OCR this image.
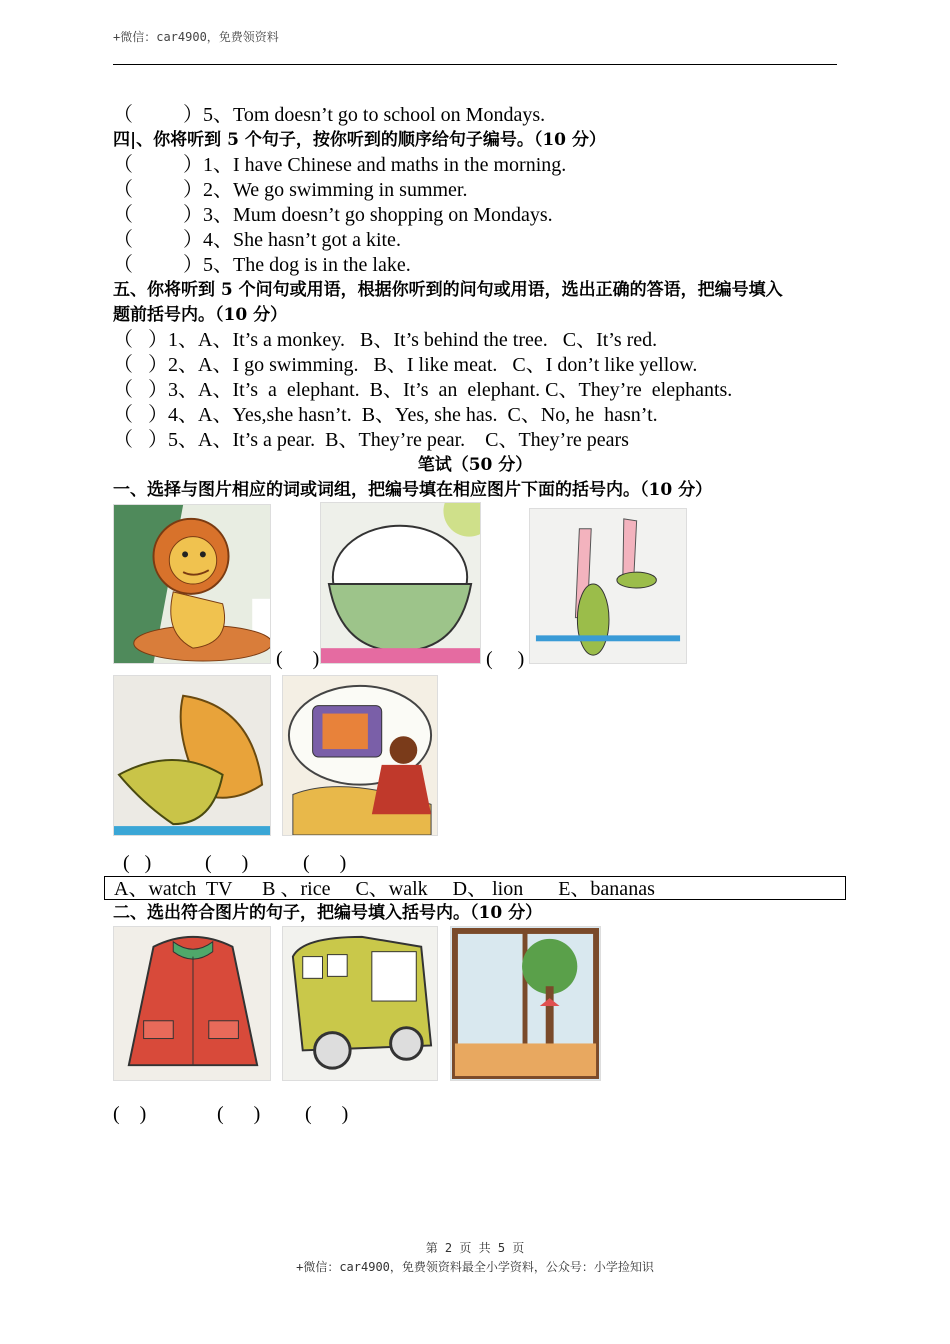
+微信：car4900，免费领资料
（          ）5、Tom doesn’t go to school on Mondays.
四|、你将听到 5 个句子，按你听到的顺序给句子编号。（10 分）
（          ）1、I have Chinese and maths in the morning.
（          ）2、We go swimming in summer.
（          ）3、Mum doesn’t go shopping on Mondays.
（          ）4、She hasn’t got a kite.
（          ）5、The dog is in the lake.
五、你将听到 5 个问句或用语，根据你听到的问句或用语，选出正确的答语，把编号填入
题前括号内。（10 分）
（   ）1、A、It’s a monkey.   B、It’s behind the tree.   C、It’s red.
（   ）2、A、I go swimming.   B、I like meat.   C、I don’t like yellow.
（   ）3、A、It’s  a  elephant.  B、It’s  an  elephant. C、They’re  elephants.
（   ）4、A、Yes,she hasn’t.  B、Yes, she has.  C、No, he  hasn’t.
（   ）5、A、It’s a pear.  B、They’re pear.    C、They’re pears
笔试（50 分）
一、选择与图片相应的词或词组，把编号填在相应图片下面的括号内。（10 分）
(      )	(     )
(   )	(      )	(      )
A、watch  TV      B 、rice     C、walk     D、 lion       E、bananas
二、选出符合图片的句子，把编号填入括号内。（10 分）
(    )	(      ) (      )
第 2 页 共 5 页
+微信：car4900，免费领资料最全小学资料，公众号：小学捡知识
